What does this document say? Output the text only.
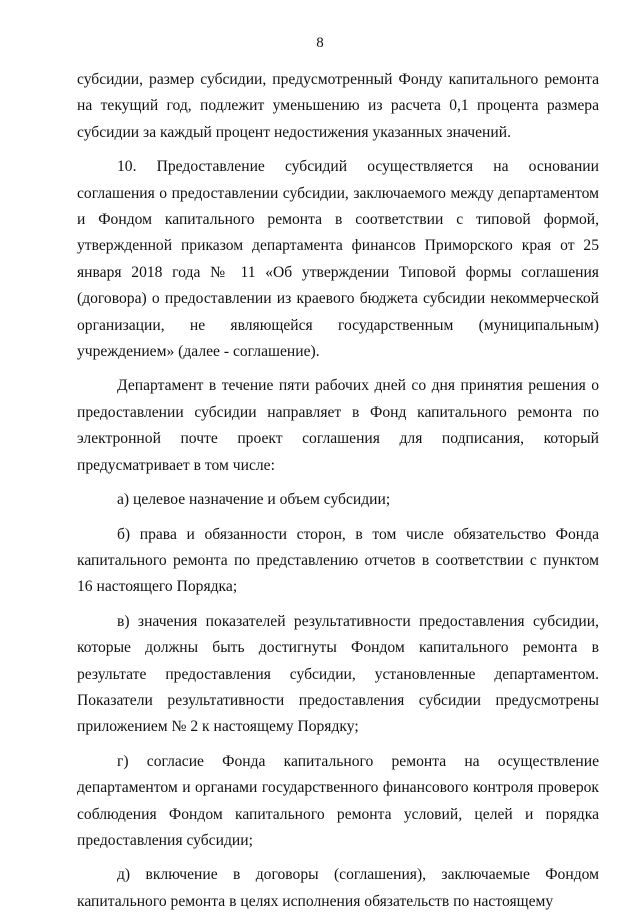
8

субсидии, размер субсидии, предусмотренный Фонду капитального ремонта на текущий год, подлежит уменьшению из расчета 0,1 процента размера субсидии за каждый процент недостижения указанных значений.

10. Предоставление субсидий осуществляется на основании соглашения о предоставлении субсидии, заключаемого между департаментом и Фондом капитального ремонта в соответствии с типовой формой, утвержденной приказом департамента финансов Приморского края от 25 января 2018 года № 11 «Об утверждении Типовой формы соглашения (договора) о предоставлении из краевого бюджета субсидии некоммерческой организации, не являющейся государственным (муниципальным) учреждением» (далее - соглашение).

Департамент в течение пяти рабочих дней со дня принятия решения о предоставлении субсидии направляет в Фонд капитального ремонта по электронной почте проект соглашения для подписания, который предусматривает в том числе:

а) целевое назначение и объем субсидии;

б) права и обязанности сторон, в том числе обязательство Фонда капитального ремонта по представлению отчетов в соответствии с пунктом 16 настоящего Порядка;

в) значения показателей результативности предоставления субсидии, которые должны быть достигнуты Фондом капитального ремонта в результате предоставления субсидии, установленные департаментом. Показатели результативности предоставления субсидии предусмотрены приложением № 2 к настоящему Порядку;

г) согласие Фонда капитального ремонта на осуществление департаментом и органами государственного финансового контроля проверок соблюдения Фондом капитального ремонта условий, целей и порядка предоставления субсидии;

д) включение в договоры (соглашения), заключаемые Фондом капитального ремонта в целях исполнения обязательств по настоящему
